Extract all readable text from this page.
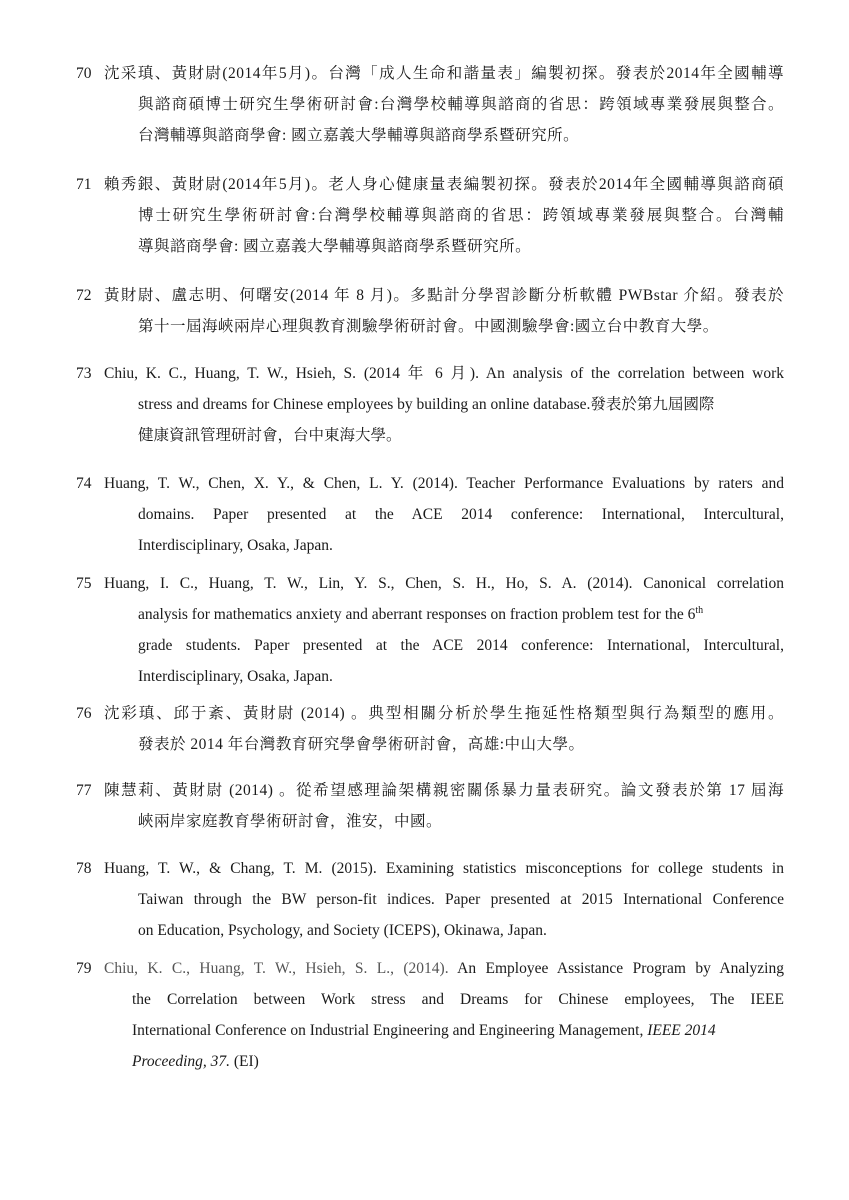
70 沈采瑱、黃財尉(2014年5月)。台灣「成人生命和諧量表」編製初探。發表於2014年全國輔導
與諮商碩博士研究生學術研討會:台灣學校輔導與諮商的省思：跨領域專業發展與整合。
台灣輔導與諮商學會: 國立嘉義大學輔導與諮商學系暨研究所。
71 賴秀銀、黃財尉(2014年5月)。老人身心健康量表編製初探。發表於2014年全國輔導與諮商碩
博士研究生學術研討會:台灣學校輔導與諮商的省思：跨領域專業發展與整合。台灣輔
導與諮商學會: 國立嘉義大學輔導與諮商學系暨研究所。
72 黃財尉、盧志明、何曙安(2014 年 8 月)。多點計分學習診斷分析軟體 PWBstar 介紹。發表於
第十一屆海峽兩岸心理與教育測驗學術研討會。中國測驗學會:國立台中教育大學。
73 Chiu, K. C., Huang, T. W., Hsieh, S. (2014 年 6 月). An analysis of the correlation between work
stress and dreams for Chinese employees by building an online database.發表於第九屆國際
健康資訊管理研討會，台中東海大學。
74 Huang, T. W., Chen, X. Y., & Chen, L. Y. (2014). Teacher Performance Evaluations by raters and
domains. Paper presented at the ACE 2014 conference: International, Intercultural,
Interdisciplinary, Osaka, Japan.
75 Huang, I. C., Huang, T. W., Lin, Y. S., Chen, S. H., Ho, S. A. (2014). Canonical correlation
analysis for mathematics anxiety and aberrant responses on fraction problem test for the 6th
grade students. Paper presented at the ACE 2014 conference: International, Intercultural,
Interdisciplinary, Osaka, Japan.
76 沈彩瑱、邱于紊、黃財尉 (2014) 。典型相關分析於學生拖延性格類型與行為類型的應用。
發表於 2014 年台灣教育研究學會學術研討會，高雄:中山大學。
77 陳慧莉、黃財尉 (2014) 。從希望感理論架構親密關係暴力量表研究。論文發表於第 17 屆海
峽兩岸家庭教育學術研討會，淮安，中國。
78 Huang, T. W., & Chang, T. M. (2015). Examining statistics misconceptions for college students in
Taiwan through the BW person-fit indices. Paper presented at 2015 International Conference
on Education, Psychology, and Society (ICEPS), Okinawa, Japan.
79 Chiu, K. C., Huang, T. W., Hsieh, S. L., (2014). An Employee Assistance Program by Analyzing
the Correlation between Work stress and Dreams for Chinese employees, The IEEE
International Conference on Industrial Engineering and Engineering Management, IEEE 2014
Proceeding, 37. (EI)
